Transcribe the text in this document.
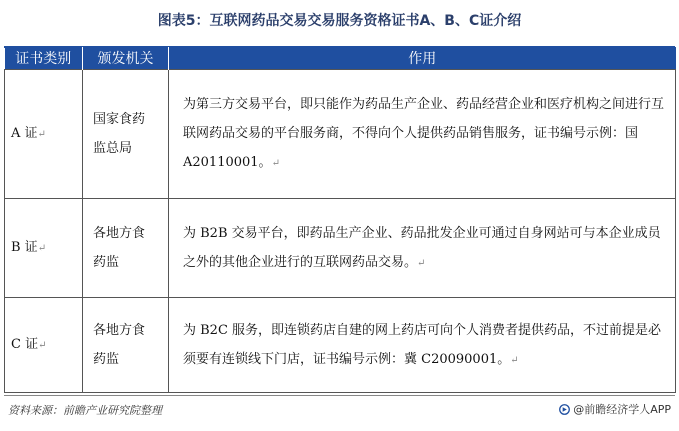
图表5：互联网药品交易交易服务资格证书A、B、C证介绍
证书类别	颁发机关	作用
A 证↵	国家食药监总局	为第三方交易平台，即只能作为药品生产企业、药品经营企业和医疗机构之间进行互联网药品交易的平台服务商，不得向个人提供药品销售服务，证书编号示例：国 A20110001。↵
B 证↵	各地方食药监	为 B2B 交易平台，即药品生产企业、药品批发企业可通过自身网站可与本企业成员之外的其他企业进行的互联网药品交易。↵
C 证↵	各地方食药监	为 B2C 服务，即连锁药店自建的网上药店可向个人消费者提供药品，不过前提是必须要有连锁线下门店，证书编号示例：冀 C20090001。↵
资料来源：前瞻产业研究院整理	@前瞻经济学人APP
